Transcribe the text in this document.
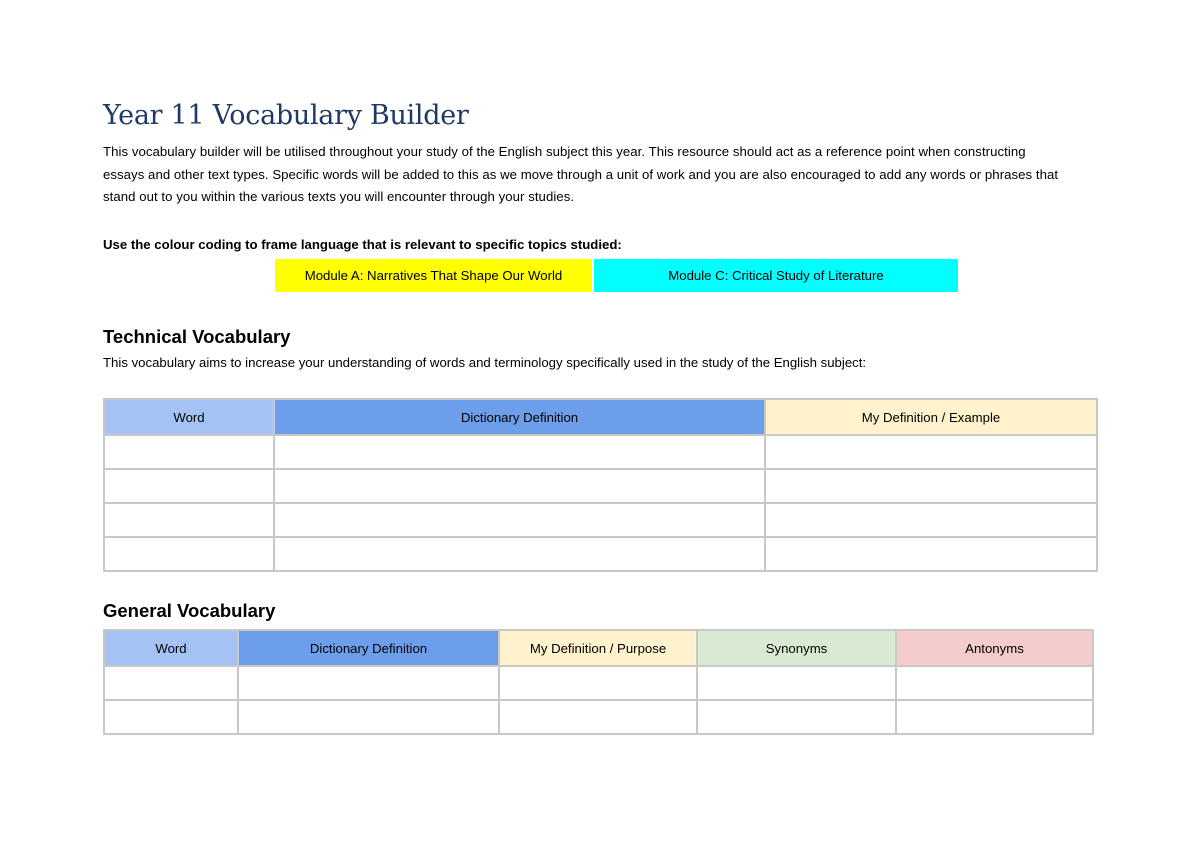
Year 11 Vocabulary Builder
This vocabulary builder will be utilised throughout your study of the English subject this year. This resource should act as a reference point when constructing essays and other text types. Specific words will be added to this as we move through a unit of work and you are also encouraged to add any words or phrases that stand out to you within the various texts you will encounter through your studies.
Use the colour coding to frame language that is relevant to specific topics studied:
Module A: Narratives That Shape Our World	Module C: Critical Study of Literature
Technical Vocabulary
This vocabulary aims to increase your understanding of words and terminology specifically used in the study of the English subject:
Word	Dictionary Definition	My Definition / Example

General Vocabulary
Word	Dictionary Definition	My Definition / Purpose	Synonyms	Antonyms
